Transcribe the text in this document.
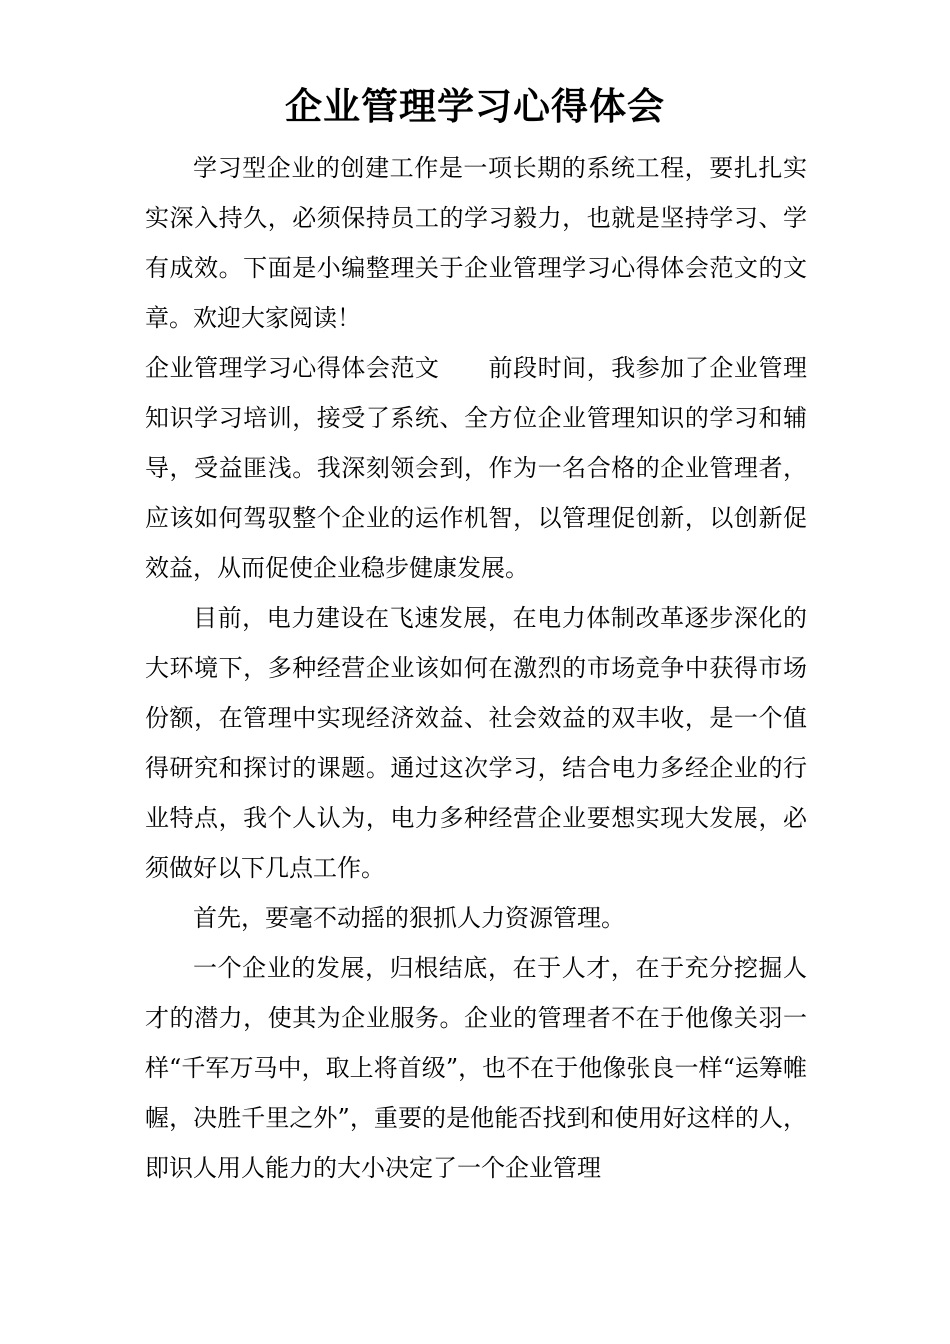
企业管理学习心得体会

学习型企业的创建工作是一项长期的系统工程，要扎扎实实深入持久，必须保持员工的学习毅力，也就是坚持学习、学有成效。下面是小编整理关于企业管理学习心得体会范文的文章。欢迎大家阅读！

企业管理学习心得体会范文　　前段时间，我参加了企业管理知识学习培训，接受了系统、全方位企业管理知识的学习和辅导，受益匪浅。我深刻领会到，作为一名合格的企业管理者，应该如何驾驭整个企业的运作机智，以管理促创新，以创新促效益，从而促使企业稳步健康发展。

目前，电力建设在飞速发展，在电力体制改革逐步深化的大环境下，多种经营企业该如何在激烈的市场竞争中获得市场份额，在管理中实现经济效益、社会效益的双丰收，是一个值得研究和探讨的课题。通过这次学习，结合电力多经企业的行业特点，我个人认为，电力多种经营企业要想实现大发展，必须做好以下几点工作。

首先，要毫不动摇的狠抓人力资源管理。

一个企业的发展，归根结底，在于人才，在于充分挖掘人才的潜力，使其为企业服务。企业的管理者不在于他像关羽一样“千军万马中，取上将首级”，也不在于他像张良一样“运筹帷幄，决胜千里之外”，重要的是他能否找到和使用好这样的人，即识人用人能力的大小决定了一个企业管理
